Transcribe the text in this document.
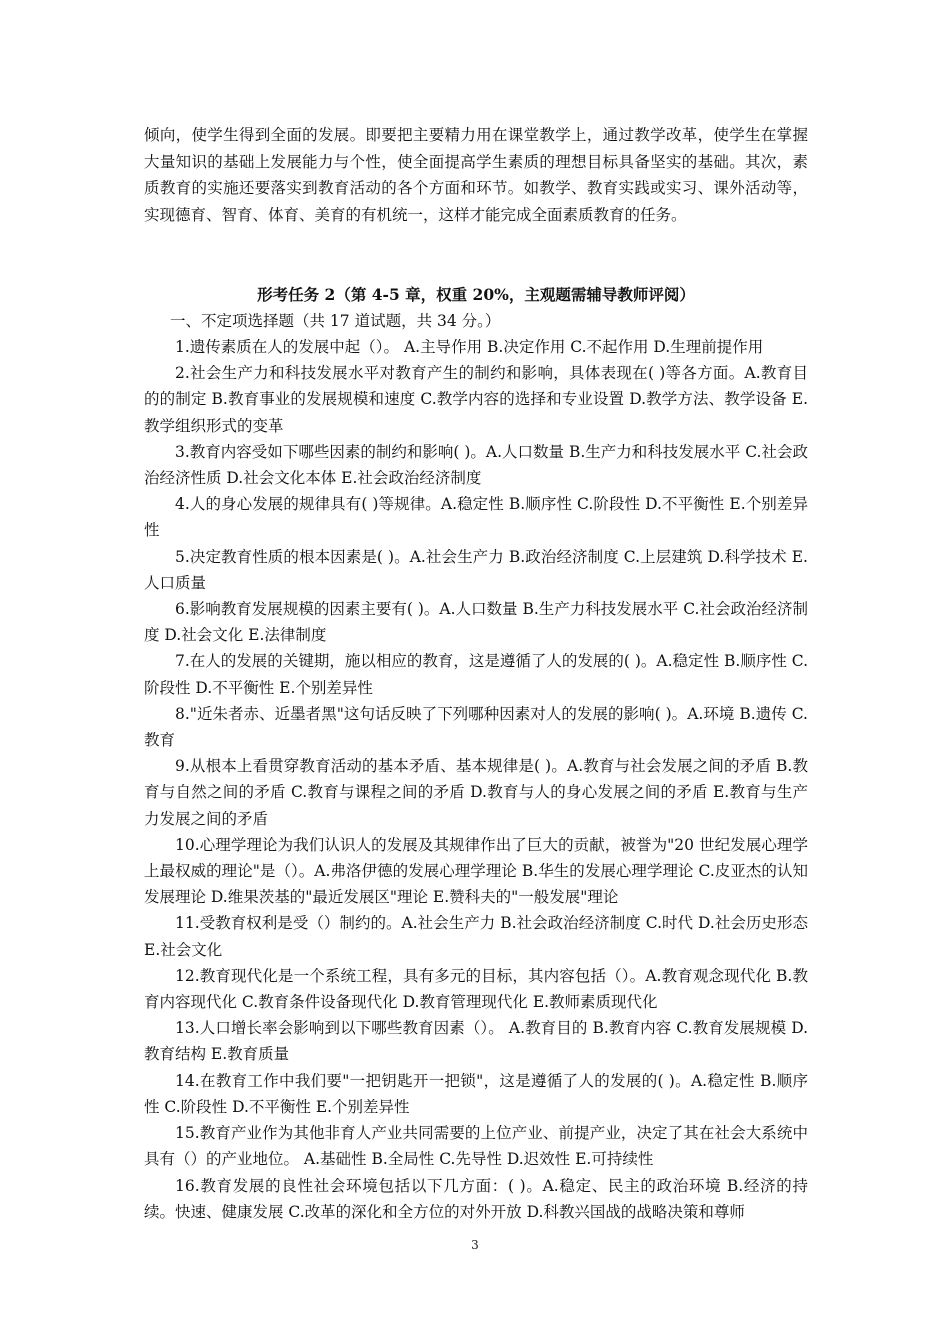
倾向，使学生得到全面的发展。即要把主要精力用在课堂教学上，通过教学改革，使学生在掌握大量知识的基础上发展能力与个性，使全面提高学生素质的理想目标具备坚实的基础。其次，素质教育的实施还要落实到教育活动的各个方面和环节。如教学、教育实践或实习、课外活动等，实现德育、智育、体育、美育的有机统一，这样才能完成全面素质教育的任务。

形考任务 2（第 4-5 章，权重 20%，主观题需辅导教师评阅）

一、不定项选择题（共 17 道试题，共 34 分。）

1.遗传素质在人的发展中起（）。 A.主导作用 B.决定作用 C.不起作用 D.生理前提作用

2.社会生产力和科技发展水平对教育产生的制约和影响，具体表现在( )等各方面。A.教育目的的制定 B.教育事业的发展规模和速度 C.教学内容的选择和专业设置 D.教学方法、教学设备 E.教学组织形式的变革

3.教育内容受如下哪些因素的制约和影响( )。A.人口数量 B.生产力和科技发展水平 C.社会政治经济性质 D.社会文化本体 E.社会政治经济制度

4.人的身心发展的规律具有( )等规律。A.稳定性 B.顺序性 C.阶段性 D.不平衡性 E.个别差异性

5.决定教育性质的根本因素是( )。A.社会生产力 B.政治经济制度 C.上层建筑 D.科学技术 E.人口质量

6.影响教育发展规模的因素主要有( )。A.人口数量 B.生产力科技发展水平 C.社会政治经济制度 D.社会文化 E.法律制度

7.在人的发展的关键期，施以相应的教育，这是遵循了人的发展的( )。A.稳定性 B.顺序性 C.阶段性 D.不平衡性 E.个别差异性

8."近朱者赤、近墨者黑"这句话反映了下列哪种因素对人的发展的影响( )。A.环境 B.遗传 C.教育

9.从根本上看贯穿教育活动的基本矛盾、基本规律是( )。A.教育与社会发展之间的矛盾 B.教育与自然之间的矛盾 C.教育与课程之间的矛盾 D.教育与人的身心发展之间的矛盾 E.教育与生产力发展之间的矛盾

10.心理学理论为我们认识人的发展及其规律作出了巨大的贡献，被誉为"20 世纪发展心理学上最权威的理论"是（）。A.弗洛伊德的发展心理学理论 B.华生的发展心理学理论 C.皮亚杰的认知发展理论 D.维果茨基的"最近发展区"理论 E.赞科夫的"一般发展"理论

11.受教育权利是受（）制约的。A.社会生产力 B.社会政治经济制度 C.时代 D.社会历史形态 E.社会文化

12.教育现代化是一个系统工程，具有多元的目标，其内容包括（）。A.教育观念现代化 B.教育内容现代化 C.教育条件设备现代化 D.教育管理现代化 E.教师素质现代化

13.人口增长率会影响到以下哪些教育因素（）。 A.教育目的 B.教育内容 C.教育发展规模 D.教育结构 E.教育质量

14.在教育工作中我们要"一把钥匙开一把锁"，这是遵循了人的发展的( )。A.稳定性 B.顺序性 C.阶段性 D.不平衡性 E.个别差异性

15.教育产业作为其他非育人产业共同需要的上位产业、前提产业，决定了其在社会大系统中具有（）的产业地位。 A.基础性 B.全局性 C.先导性 D.迟效性 E.可持续性

16.教育发展的良性社会环境包括以下几方面：( )。A.稳定、民主的政治环境 B.经济的持续。快速、健康发展 C.改革的深化和全方位的对外开放 D.科教兴国战的战略决策和尊师

3
